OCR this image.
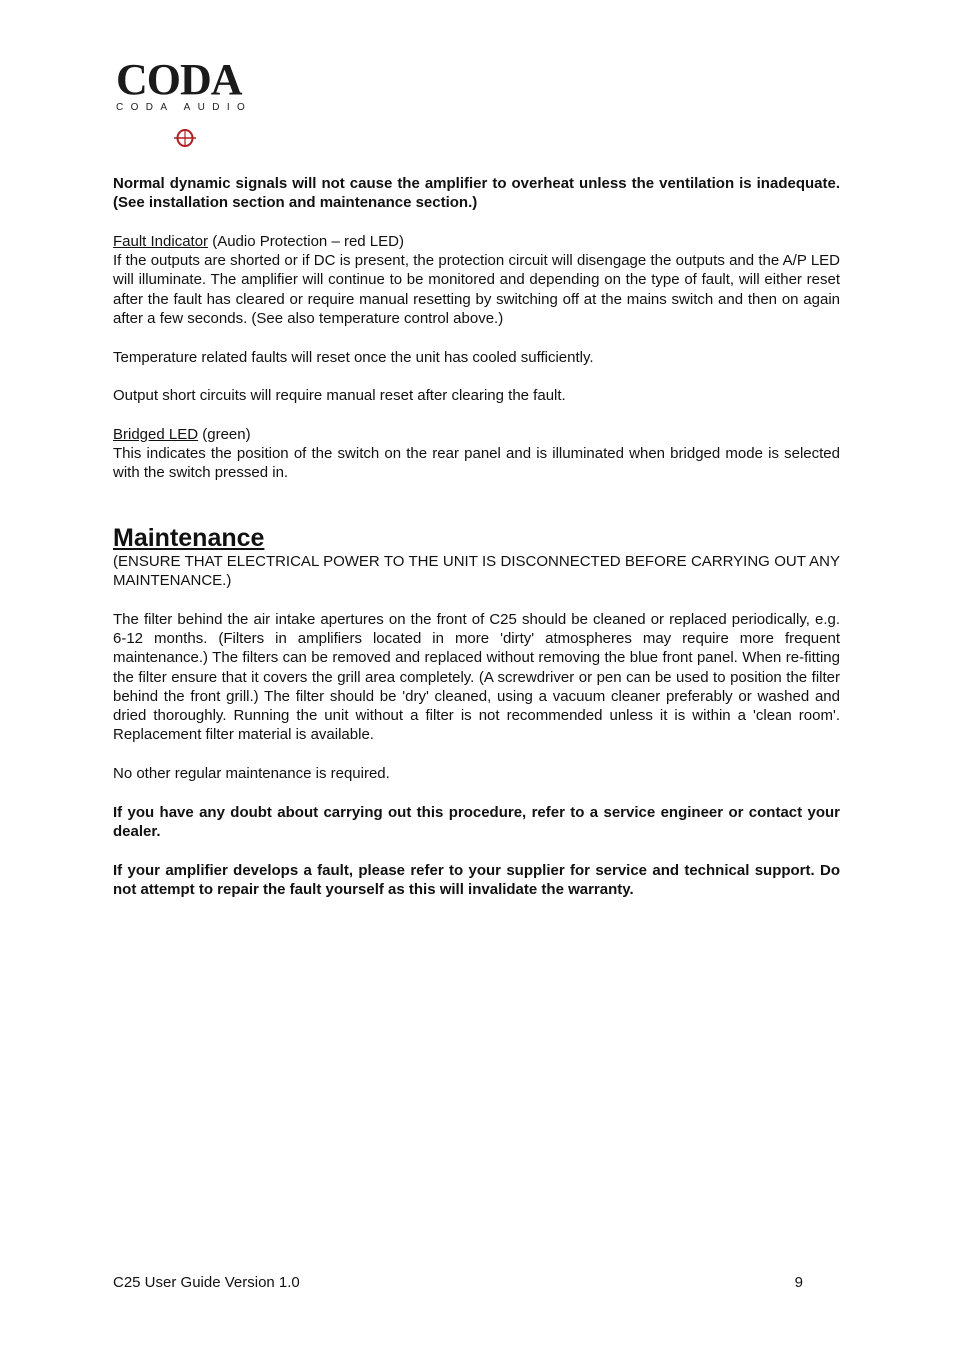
CODA
CODA AUDIO

Normal dynamic signals will not cause the amplifier to overheat unless the ventilation is inadequate. (See installation section and maintenance section.)

Fault Indicator (Audio Protection – red LED)

If the outputs are shorted or if DC is present, the protection circuit will disengage the outputs and the A/P LED will illuminate. The amplifier will continue to be monitored and depending on the type of fault, will either reset after the fault has cleared or require manual resetting by switching off at the mains switch and then on again after a few seconds. (See also temperature control above.)

Temperature related faults will reset once the unit has cooled sufficiently.

Output short circuits will require manual reset after clearing the fault.

Bridged LED (green)

This indicates the position of the switch on the rear panel and is illuminated when bridged mode is selected with the switch pressed in.

Maintenance

(ENSURE THAT ELECTRICAL POWER TO THE UNIT IS DISCONNECTED BEFORE CARRYING OUT ANY MAINTENANCE.)

The filter behind the air intake apertures on the front of C25 should be cleaned or replaced periodically, e.g. 6-12 months. (Filters in amplifiers located in more 'dirty' atmospheres may require more frequent maintenance.) The filters can be removed and replaced without removing the blue front panel. When re-fitting the filter ensure that it covers the grill area completely. (A screwdriver or pen can be used to position the filter behind the front grill.) The filter should be 'dry' cleaned, using a vacuum cleaner preferably or washed and dried thoroughly. Running the unit without a filter is not recommended unless it is within a 'clean room'. Replacement filter material is available.

No other regular maintenance is required.

If you have any doubt about carrying out this procedure, refer to a service engineer or contact your dealer.

If your amplifier develops a fault, please refer to your supplier for service and technical support. Do not attempt to repair the fault yourself as this will invalidate the warranty.

C25 User Guide Version 1.0	9
